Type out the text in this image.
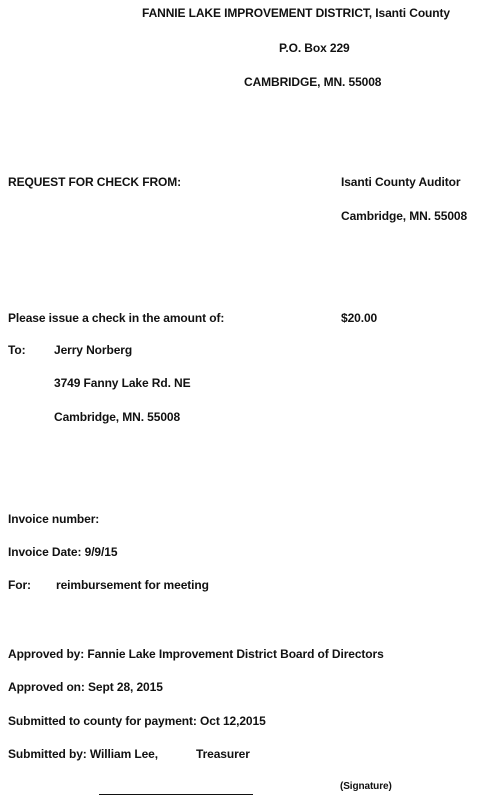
FANNIE LAKE IMPROVEMENT DISTRICT, Isanti County
P.O. Box 229
CAMBRIDGE, MN. 55008
REQUEST FOR CHECK FROM:	Isanti County Auditor
Cambridge, MN. 55008
Please issue a check in the amount of:	$20.00
To: Jerry Norberg
3749 Fanny Lake Rd. NE
Cambridge, MN. 55008
Invoice number:
Invoice Date: 9/9/15
For: reimbursement for meeting
Approved by: Fannie Lake Improvement District Board of Directors
Approved on: Sept 28, 2015
Submitted to county for payment: Oct 12,2015
Submitted by: William Lee,	Treasurer
(Signature)
